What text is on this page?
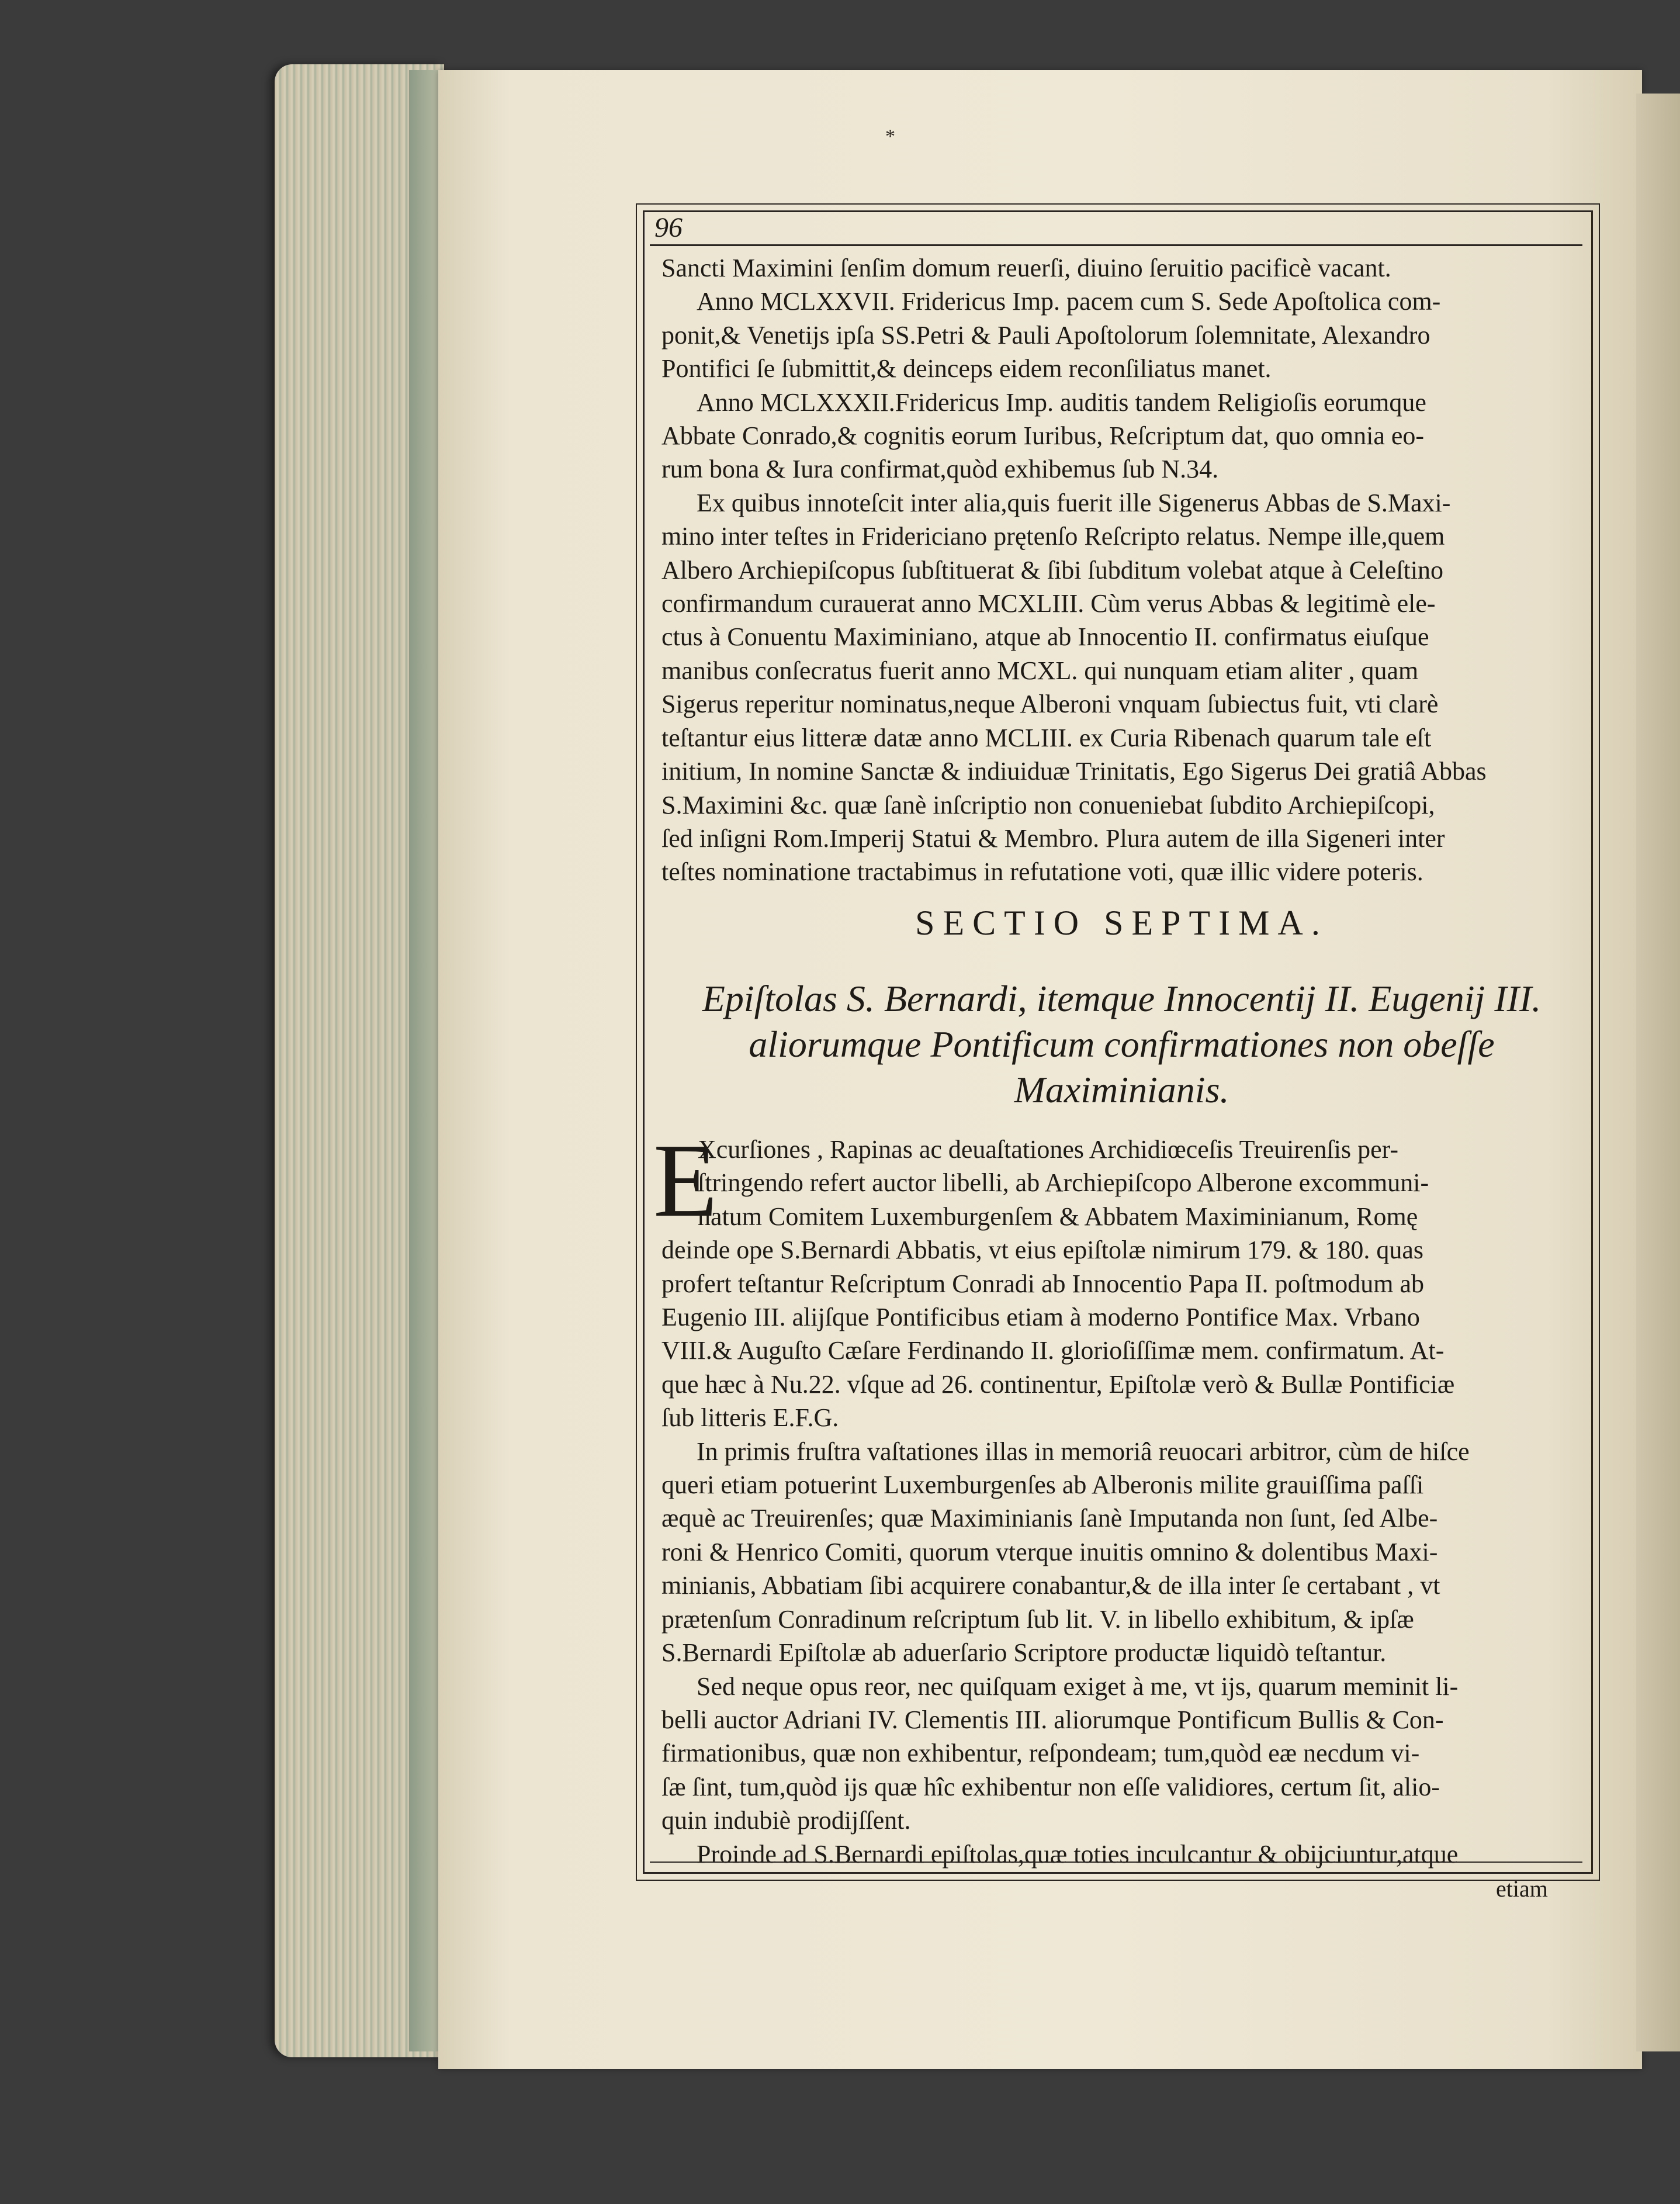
*
96
Sancti Maximini ſenſim domum reuerſi, diuino ſeruitio pacificè vacant.
Anno MCLXXVII. Fridericus Imp. pacem cum S. Sede Apoſtolica com-
ponit,& Venetijs ipſa SS.Petri & Pauli Apoſtolorum ſolemnitate, Alexandro
Pontifici ſe ſubmittit,& deinceps eidem reconſiliatus manet.
Anno MCLXXXII.Fridericus Imp. auditis tandem Religioſis eorumque
Abbate Conrado,& cognitis eorum Iuribus, Reſcriptum dat, quo omnia eo-
rum bona & Iura confirmat,quòd exhibemus ſub N.34.
Ex quibus innoteſcit inter alia,quis fuerit ille Sigenerus Abbas de S.Maxi-
mino inter teſtes in Fridericiano prętenſo Reſcripto relatus. Nempe ille,quem
Albero Archiepiſcopus ſubſtituerat & ſibi ſubditum volebat atque à Celeſtino
confirmandum curauerat anno MCXLIII. Cùm verus Abbas & legitimè ele-
ctus à Conuentu Maximiniano, atque ab Innocentio II. confirmatus eiuſque
manibus conſecratus fuerit anno MCXL. qui nunquam etiam aliter , quam
Sigerus reperitur nominatus,neque Alberoni vnquam ſubiectus fuit, vti clarè
teſtantur eius litteræ datæ anno MCLIII. ex Curia Ribenach quarum tale eſt
initium, In nomine Sanctæ & indiuiduæ Trinitatis, Ego Sigerus Dei gratiâ Abbas
S.Maximini &c. quæ ſanè inſcriptio non conueniebat ſubdito Archiepiſcopi,
ſed inſigni Rom.Imperij Statui & Membro. Plura autem de illa Sigeneri inter
teſtes nominatione tractabimus in refutatione voti, quæ illic videre poteris.
SECTIO SEPTIMA.
Epiſtolas S. Bernardi, itemque Innocentij II. Eugenij III.
aliorumque Pontificum confirmationes non obeſſe
Maximinianis.
E
Xcurſiones , Rapinas ac deuaſtationes Archidiœceſis Treuirenſis per-
ſtringendo refert auctor libelli, ab Archiepiſcopo Alberone excommuni-
natum Comitem Luxemburgenſem & Abbatem Maximinianum, Romę
deinde ope S.Bernardi Abbatis, vt eius epiſtolæ nimirum 179. & 180. quas
profert teſtantur Reſcriptum Conradi ab Innocentio Papa II. poſtmodum ab
Eugenio III. alijſque Pontificibus etiam à moderno Pontifice Max. Vrbano
VIII.& Auguſto Cæſare Ferdinando II. glorioſiſſimæ mem. confirmatum. At-
que hæc à Nu.22. vſque ad 26. continentur, Epiſtolæ verò & Bullæ Pontificiæ
ſub litteris E.F.G.
In primis fruſtra vaſtationes illas in memoriâ reuocari arbitror, cùm de hiſce
queri etiam potuerint Luxemburgenſes ab Alberonis milite grauiſſima paſſi
æquè ac Treuirenſes; quæ Maximinianis ſanè Imputanda non ſunt, ſed Albe-
roni & Henrico Comiti, quorum vterque inuitis omnino & dolentibus Maxi-
minianis, Abbatiam ſibi acquirere conabantur,& de illa inter ſe certabant , vt
prætenſum Conradinum reſcriptum ſub lit. V. in libello exhibitum, & ipſæ
S.Bernardi Epiſtolæ ab aduerſario Scriptore productæ liquidò teſtantur.
Sed neque opus reor, nec quiſquam exiget à me, vt ijs, quarum meminit li-
belli auctor Adriani IV. Clementis III. aliorumque Pontificum Bullis & Con-
firmationibus, quæ non exhibentur, reſpondeam; tum,quòd eæ necdum vi-
ſæ ſint, tum,quòd ijs quæ hîc exhibentur non eſſe validiores, certum ſit, alio-
quin indubiè prodijſſent.
Proinde ad S.Bernardi epiſtolas,quæ toties inculcantur & obijciuntur,atque
etiam
